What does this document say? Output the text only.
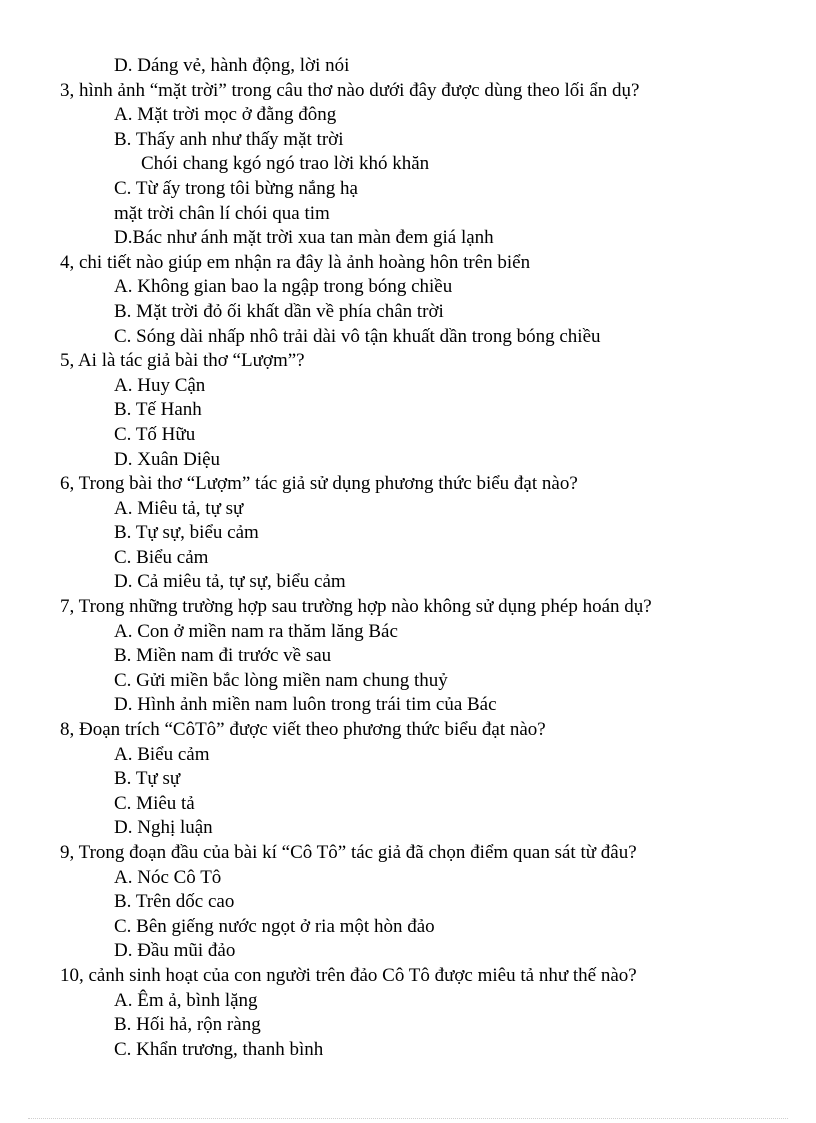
D. Dáng vẻ, hành động, lời nói
3, hình ảnh “mặt trời” trong câu thơ nào dưới đây được dùng theo lối ẩn dụ?
A. Mặt trời mọc ở đằng đông
B. Thấy anh như thấy mặt trời
Chói chang kgó ngó trao lời khó khăn
C. Từ ấy trong tôi bừng nắng hạ
mặt trời chân lí chói qua tim
D.Bác như ánh mặt trời xua tan màn đem giá lạnh
4, chi tiết nào giúp em nhận ra đây là ảnh hoàng hôn trên biển
A. Không gian bao la ngập trong bóng chiều
B. Mặt trời đỏ ối khất dần về phía chân trời
C. Sóng dài nhấp nhô trải dài vô tận khuất dần trong bóng chiều
5, Ai là tác giả bài thơ “Lượm”?
A. Huy Cận
B. Tế Hanh
C. Tố Hữu
D. Xuân Diệu
6, Trong bài thơ “Lượm” tác giả sử dụng phương thức biểu đạt nào?
A. Miêu tả, tự sự
B. Tự sự, biểu cảm
C. Biểu cảm
D. Cả miêu tả, tự sự, biểu cảm
7, Trong những trường hợp sau trường hợp nào không sử dụng phép hoán dụ?
A. Con ở miền nam ra thăm lăng Bác
B. Miền nam đi trước về sau
C. Gửi miền bắc lòng miền nam chung thuỷ
D. Hình ảnh miền nam luôn trong trái tim của Bác
8, Đoạn trích “CôTô” được viết theo phương thức biểu đạt nào?
A. Biểu cảm
B. Tự sự
C. Miêu tả
D. Nghị luận
9, Trong đoạn đầu của bài kí “Cô Tô” tác giả đã chọn điểm quan sát từ đâu?
A. Nóc Cô Tô
B. Trên dốc cao
C. Bên giếng nước ngọt ở ria một hòn đảo
D. Đầu mũi đảo
10, cảnh sinh hoạt của con người trên đảo Cô Tô được miêu tả như thế nào?
A. Êm ả, bình lặng
B. Hối hả, rộn ràng
C. Khẩn trương, thanh bình
